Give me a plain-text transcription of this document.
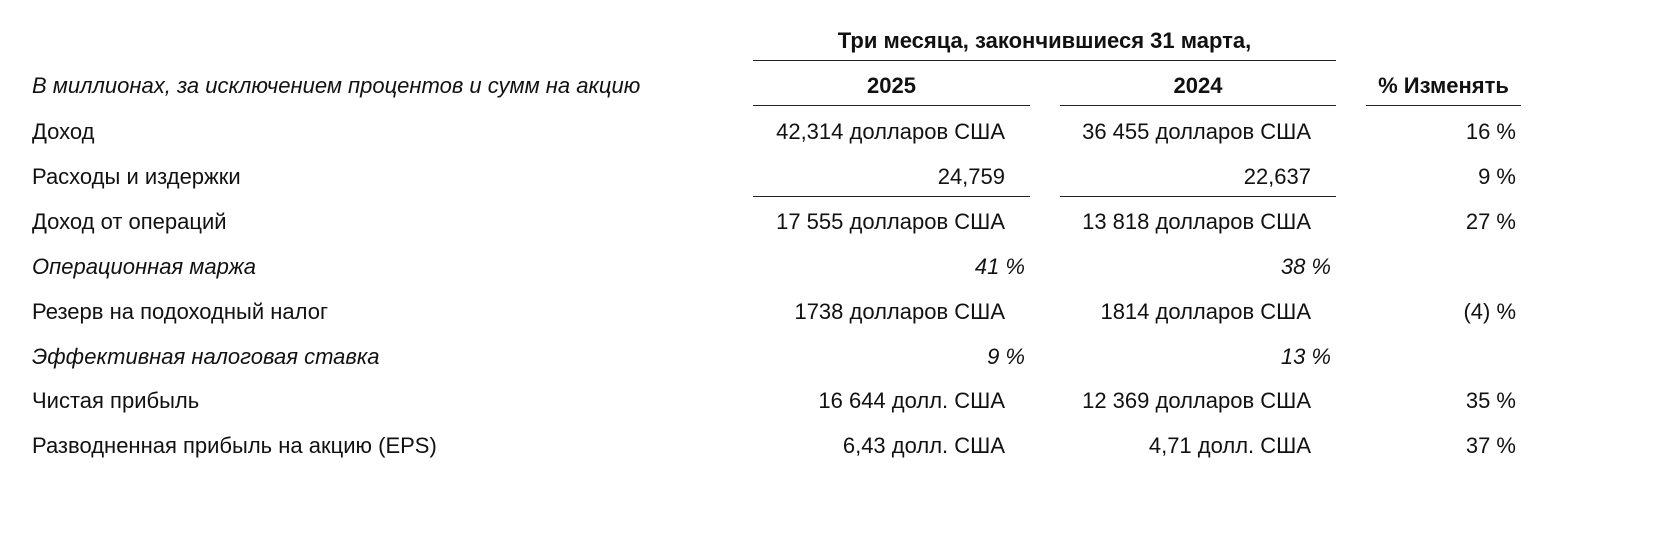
Три месяца, закончившиеся 31 марта,
В миллионах, за исключением процентов и сумм на акцию	2025	2024	% Изменять
Доход	42,314 долларов США	36 455 долларов США	16 %
Расходы и издержки	24,759	22,637	9 %
Доход от операций	17 555 долларов США	13 818 долларов США	27 %
Операционная маржа	41 %	38 %
Резерв на подоходный налог	1738 долларов США	1814 долларов США	(4) %
Эффективная налоговая ставка	9 %	13 %
Чистая прибыль	16 644 долл. США	12 369 долларов США	35 %
Разводненная прибыль на акцию (EPS)	6,43 долл. США	4,71 долл. США	37 %
